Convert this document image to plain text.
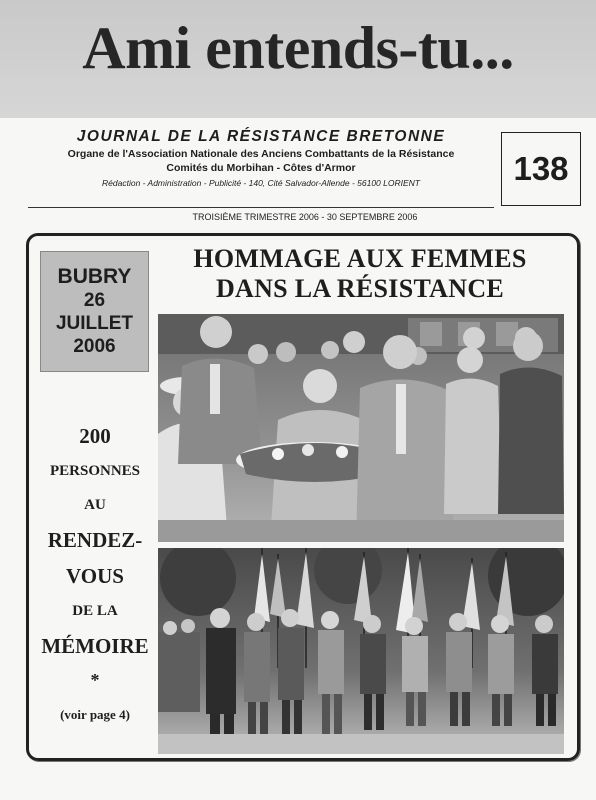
Ami entends-tu...
JOURNAL DE LA RÉSISTANCE BRETONNE
Organe de l'Association Nationale des Anciens Combattants de la Résistance
Comités du Morbihan - Côtes d'Armor
Rédaction - Administration - Publicité - 140, Cité Salvador-Allende - 56100 LORIENT	138
TROISIÈME TRIMESTRE 2006 - 30 SEPTEMBRE 2006
BUBRY
26
JUILLET
2006
HOMMAGE AUX FEMMES
DANS LA RÉSISTANCE
200
PERSONNES
AU
RENDEZ-
VOUS
DE LA
MÉMOIRE
*
(voir page 4)
